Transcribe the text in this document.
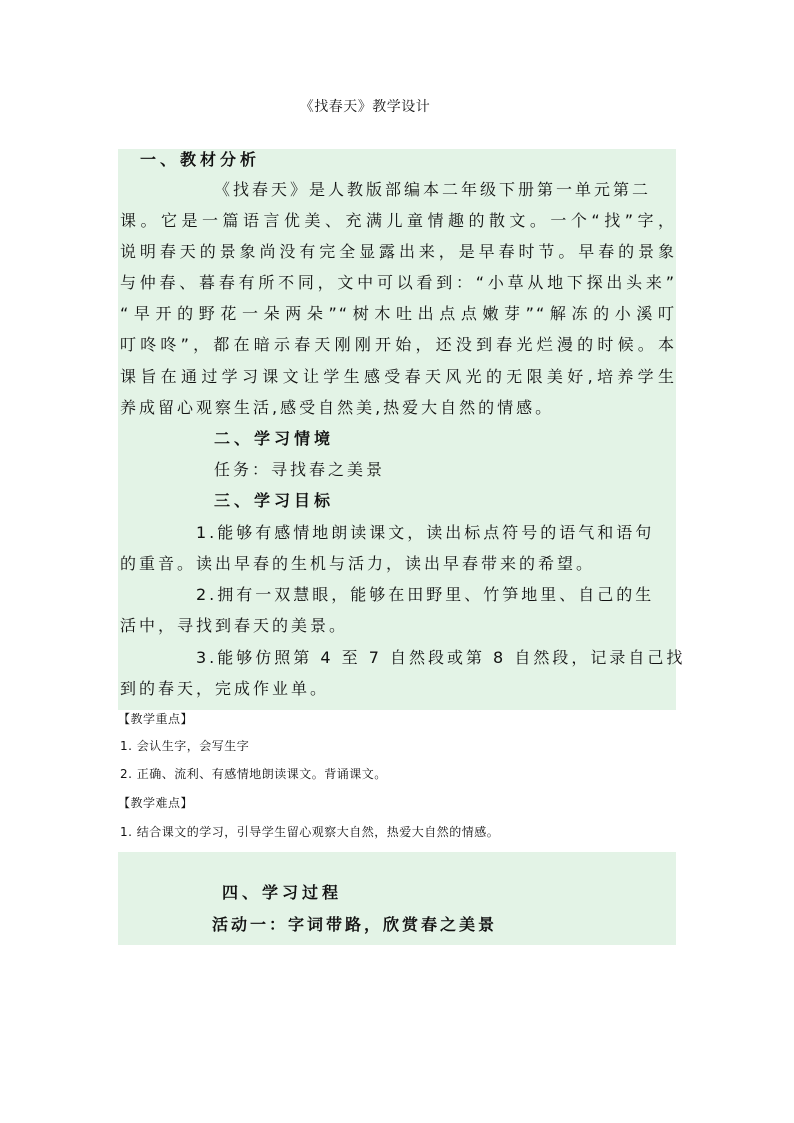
《找春天》教学设计
一、教材分析
《找春天》是人教版部编本二年级下册第一单元第二
课。它是一篇语言优美、充满儿童情趣的散文。一个“找”字，
说明春天的景象尚没有完全显露出来，是早春时节。早春的景象
与仲春、暮春有所不同，文中可以看到：“小草从地下探出头来”
“早开的野花一朵两朵”“树木吐出点点嫩芽”“解冻的小溪叮
叮咚咚”，都在暗示春天刚刚开始，还没到春光烂漫的时候。本
课旨在通过学习课文让学生感受春天风光的无限美好,培养学生
养成留心观察生活,感受自然美,热爱大自然的情感。
二、学习情境
任务：寻找春之美景
三、学习目标
1.能够有感情地朗读课文，读出标点符号的语气和语句
的重音。读出早春的生机与活力，读出早春带来的希望。
2.拥有一双慧眼，能够在田野里、竹笋地里、自己的生
活中，寻找到春天的美景。
3.能够仿照第 4 至 7 自然段或第 8 自然段，记录自己找
到的春天，完成作业单。
【教学重点】
1. 会认生字，会写生字
2. 正确、流利、有感情地朗读课文。背诵课文。
【教学难点】
1. 结合课文的学习，引导学生留心观察大自然，热爱大自然的情感。
四、学习过程
活动一：字词带路，欣赏春之美景
